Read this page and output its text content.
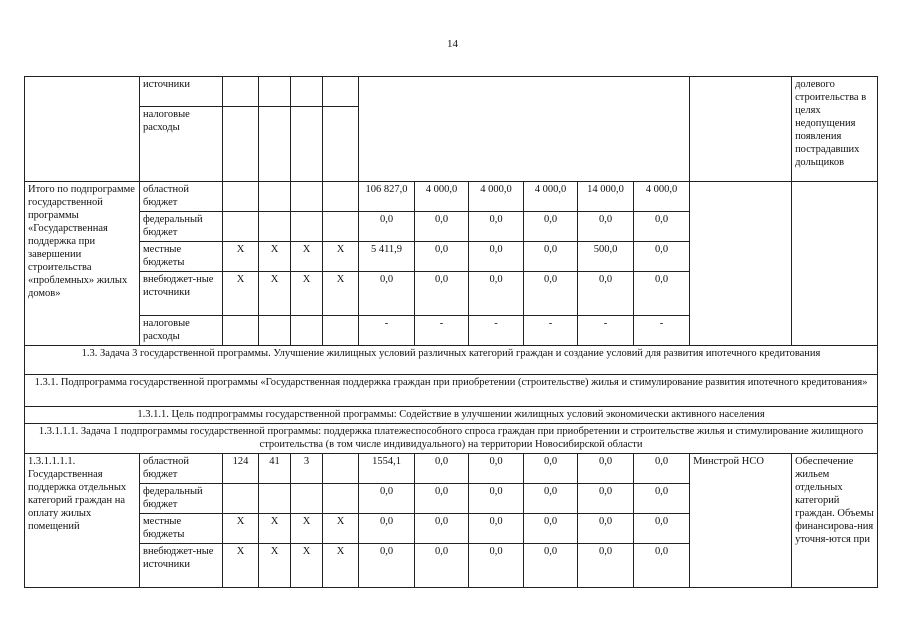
14
	источники												долевого строительства в целях недопущения появления пострадавших дольщиков
	налоговые расходы												
Итого по подпрограмме государственной программы «Государственная поддержка при завершении строительства «проблемных» жилых домов»	областной бюджет					106 827,0	4 000,0	4 000,0	4 000,0	14 000,0	4 000,0		
	федеральный бюджет					0,0	0,0	0,0	0,0	0,0	0,0		
	местные бюджеты	X	X	X	X	5 411,9	0,0	0,0	0,0	500,0	0,0		
	внебюджет-ные источники	X	X	X	X	0,0	0,0	0,0	0,0	0,0	0,0		
	налоговые расходы					-	-	-	-	-	-		
1.3. Задача 3 государственной программы. Улучшение жилищных условий различных категорий граждан и создание условий для развития ипотечного кредитования													
1.3.1. Подпрограмма государственной программы «Государственная поддержка граждан при приобретении (строительстве) жилья и стимулирование развития ипотечного кредитования»													
1.3.1.1. Цель подпрограммы государственной программы: Содействие в улучшении жилищных условий экономически активного населения													
1.3.1.1.1. Задача 1 подпрограммы государственной программы: поддержка платежеспособного спроса граждан при приобретении и строительстве жилья и стимулирование жилищного строительства (в том числе индивидуального) на территории Новосибирской области													
1.3.1.1.1.1. Государственная поддержка отдельных категорий граждан на оплату жилых помещений	областной бюджет	124	41	3		1554,1	0,0	0,0	0,0	0,0	0,0	Минстрой НСО	Обеспечение жильем отдельных категорий граждан. Объемы финансирова-ния уточня-ются при
	федеральный бюджет					0,0	0,0	0,0	0,0	0,0	0,0		
	местные бюджеты	X	X	X	X	0,0	0,0	0,0	0,0	0,0	0,0		
	внебюджет-ные источники	X	X	X	X	0,0	0,0	0,0	0,0	0,0	0,0		
